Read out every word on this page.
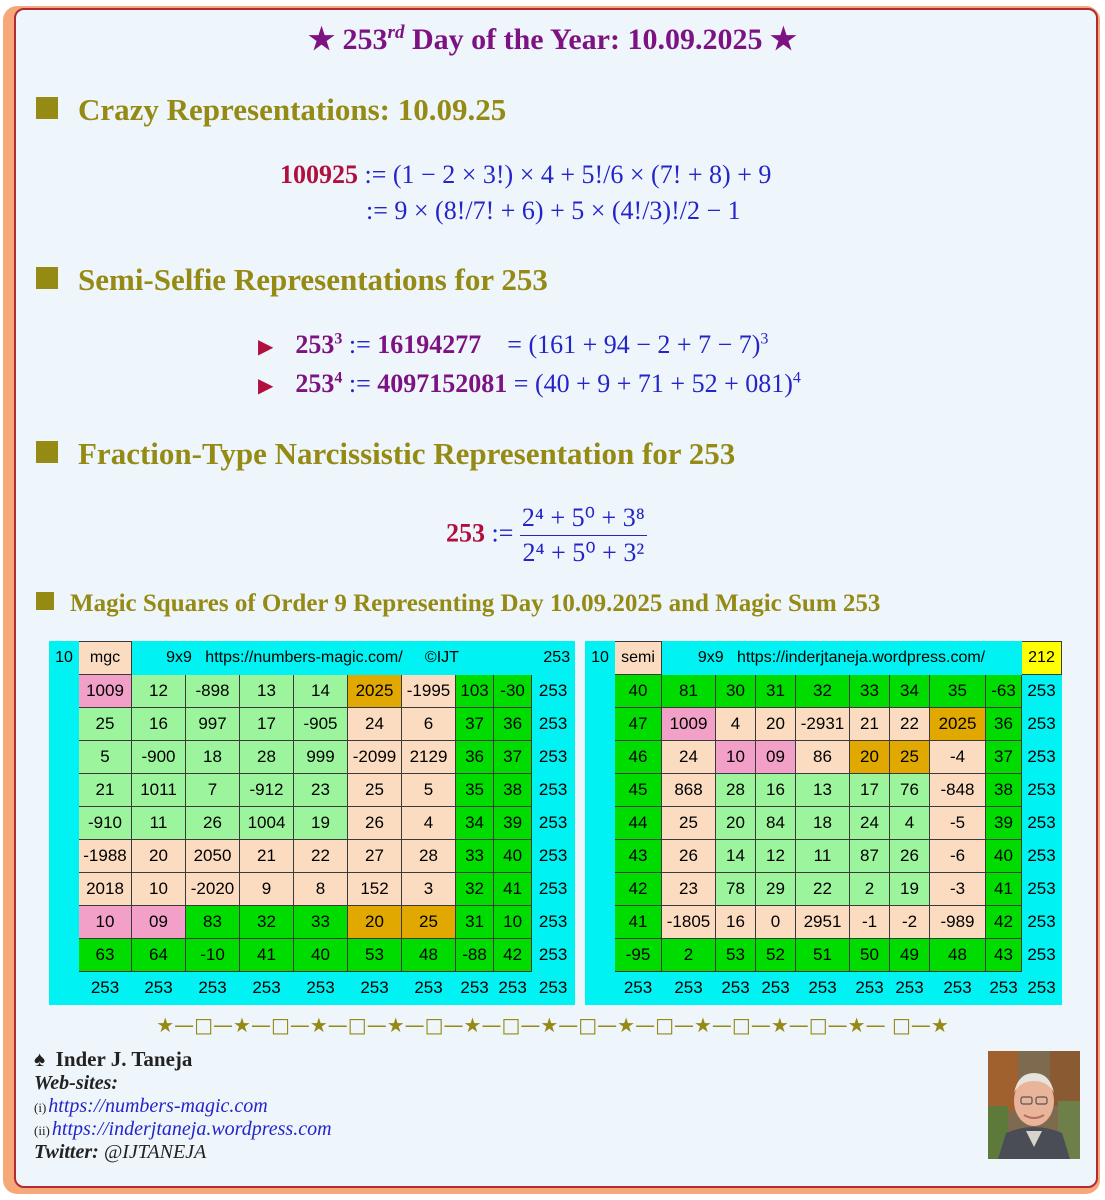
★ 253rd Day of the Year: 10.09.2025 ★
Crazy Representations: 10.09.25
100925 := (1 − 2 × 3!) × 4 + 5!/6 × (7! + 8) + 9
:= 9 × (8!/7! + 6) + 5 × (4!/3)!/2 − 1
Semi-Selfie Representations for 253
▶ $253^3$ := $16194277 = (161 + 94 - 2 + 7 - 7)^3$
▶ $253^4$ := $4097152081 = (40 + 9 + 71 + 52 + 081)^4$
Fraction-Type Narcissistic Representation for 253
253 := $\frac{\text{2⁴ + 5⁰ + 3⁸}}{\text{2⁴ + 5⁰ + 3²}}$
Magic Squares of Order 9 Representing Day 10.09.2025 and Magic Sum 253
10	mgc	9x9   https://numbers-magic.com/     ©IJT							253	
	1009	12	-898	13	14	2025	-1995	103	-30	253
	25	16	997	17	-905	24	6	37	36	253
	5	-900	18	28	999	-2099	2129	36	37	253
	21	1011	7	-912	23	25	5	35	38	253
	-910	11	26	1004	19	26	4	34	39	253
	-1988	20	2050	21	22	27	28	33	40	253
	2018	10	-2020	9	8	152	3	32	41	253
	10	09	83	32	33	20	25	31	10	253
	63	64	-10	41	40	53	48	-88	42	253
	253	253	253	253	253	253	253	253	253	253
10	semi	9x9   https://inderjtaneja.wordpress.com/								212
	40	81	30	31	32	33	34	35	-63	253
	47	1009	4	20	-2931	21	22	2025	36	253
	46	24	10	09	86	20	25	-4	37	253
	45	868	28	16	13	17	76	-848	38	253
	44	25	20	84	18	24	4	-5	39	253
	43	26	14	12	11	87	26	-6	40	253
	42	23	78	29	22	2	19	-3	41	253
	41	-1805	16	0	2951	-1	-2	-989	42	253
	-95	2	53	52	51	50	49	48	43	253
	253	253	253	253	253	253	253	253	253	253
★—□—★—□—★—□—★—□—★—□—★—□—★—□—★—□—★—□—★— □—★
♠ Inder J. Taneja
Web-sites:
(i) https://numbers-magic.com
(ii) https://inderjtaneja.wordpress.com
Twitter: @IJTANEJA
